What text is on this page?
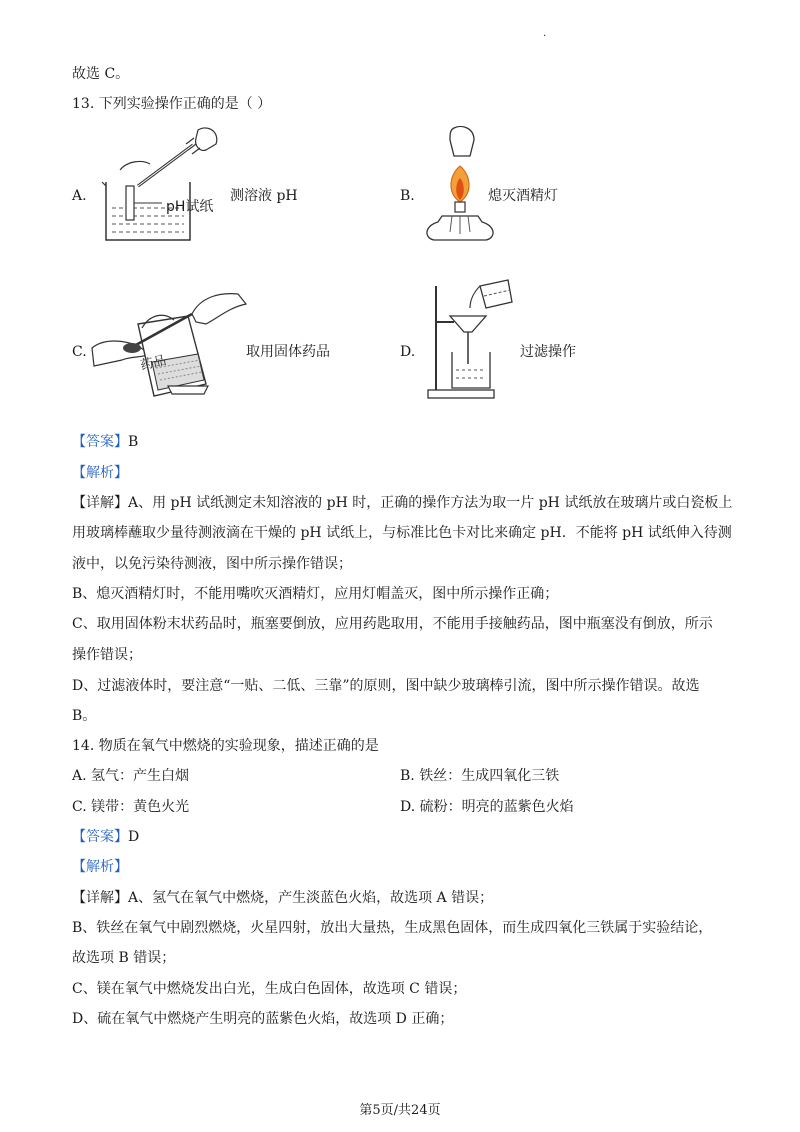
.
故选 C。
13. 下列实验操作正确的是（ ）
A.
pH试纸
测溶液 pH	B.	熄灭酒精灯
C.
药品
取用固体药品	D.	过滤操作
【答案】B
【解析】
【详解】A、用 pH 试纸测定未知溶液的 pH 时，正确的操作方法为取一片 pH 试纸放在玻璃片或白瓷板上
用玻璃棒蘸取少量待测液滴在干燥的 pH 试纸上，与标准比色卡对比来确定 pH．不能将 pH 试纸伸入待测
液中，以免污染待测液，图中所示操作错误；
B、熄灭酒精灯时，不能用嘴吹灭酒精灯，应用灯帽盖灭，图中所示操作正确；
C、取用固体粉末状药品时，瓶塞要倒放，应用药匙取用，不能用手接触药品，图中瓶塞没有倒放，所示
操作错误；
D、过滤液体时，要注意“一贴、二低、三靠”的原则，图中缺少玻璃棒引流，图中所示操作错误。故选
B。
14. 物质在氧气中燃烧的实验现象，描述正确的是
A. 氢气：产生白烟	B. 铁丝：生成四氧化三铁
C. 镁带：黄色火光	D. 硫粉：明亮的蓝紫色火焰
【答案】D
【解析】
【详解】A、氢气在氧气中燃烧，产生淡蓝色火焰，故选项 A 错误；
B、铁丝在氧气中剧烈燃烧，火星四射，放出大量热，生成黑色固体，而生成四氧化三铁属于实验结论，
故选项 B 错误；
C、镁在氧气中燃烧发出白光，生成白色固体，故选项 C 错误；
D、硫在氧气中燃烧产生明亮的蓝紫色火焰，故选项 D 正确；
第5页/共24页
